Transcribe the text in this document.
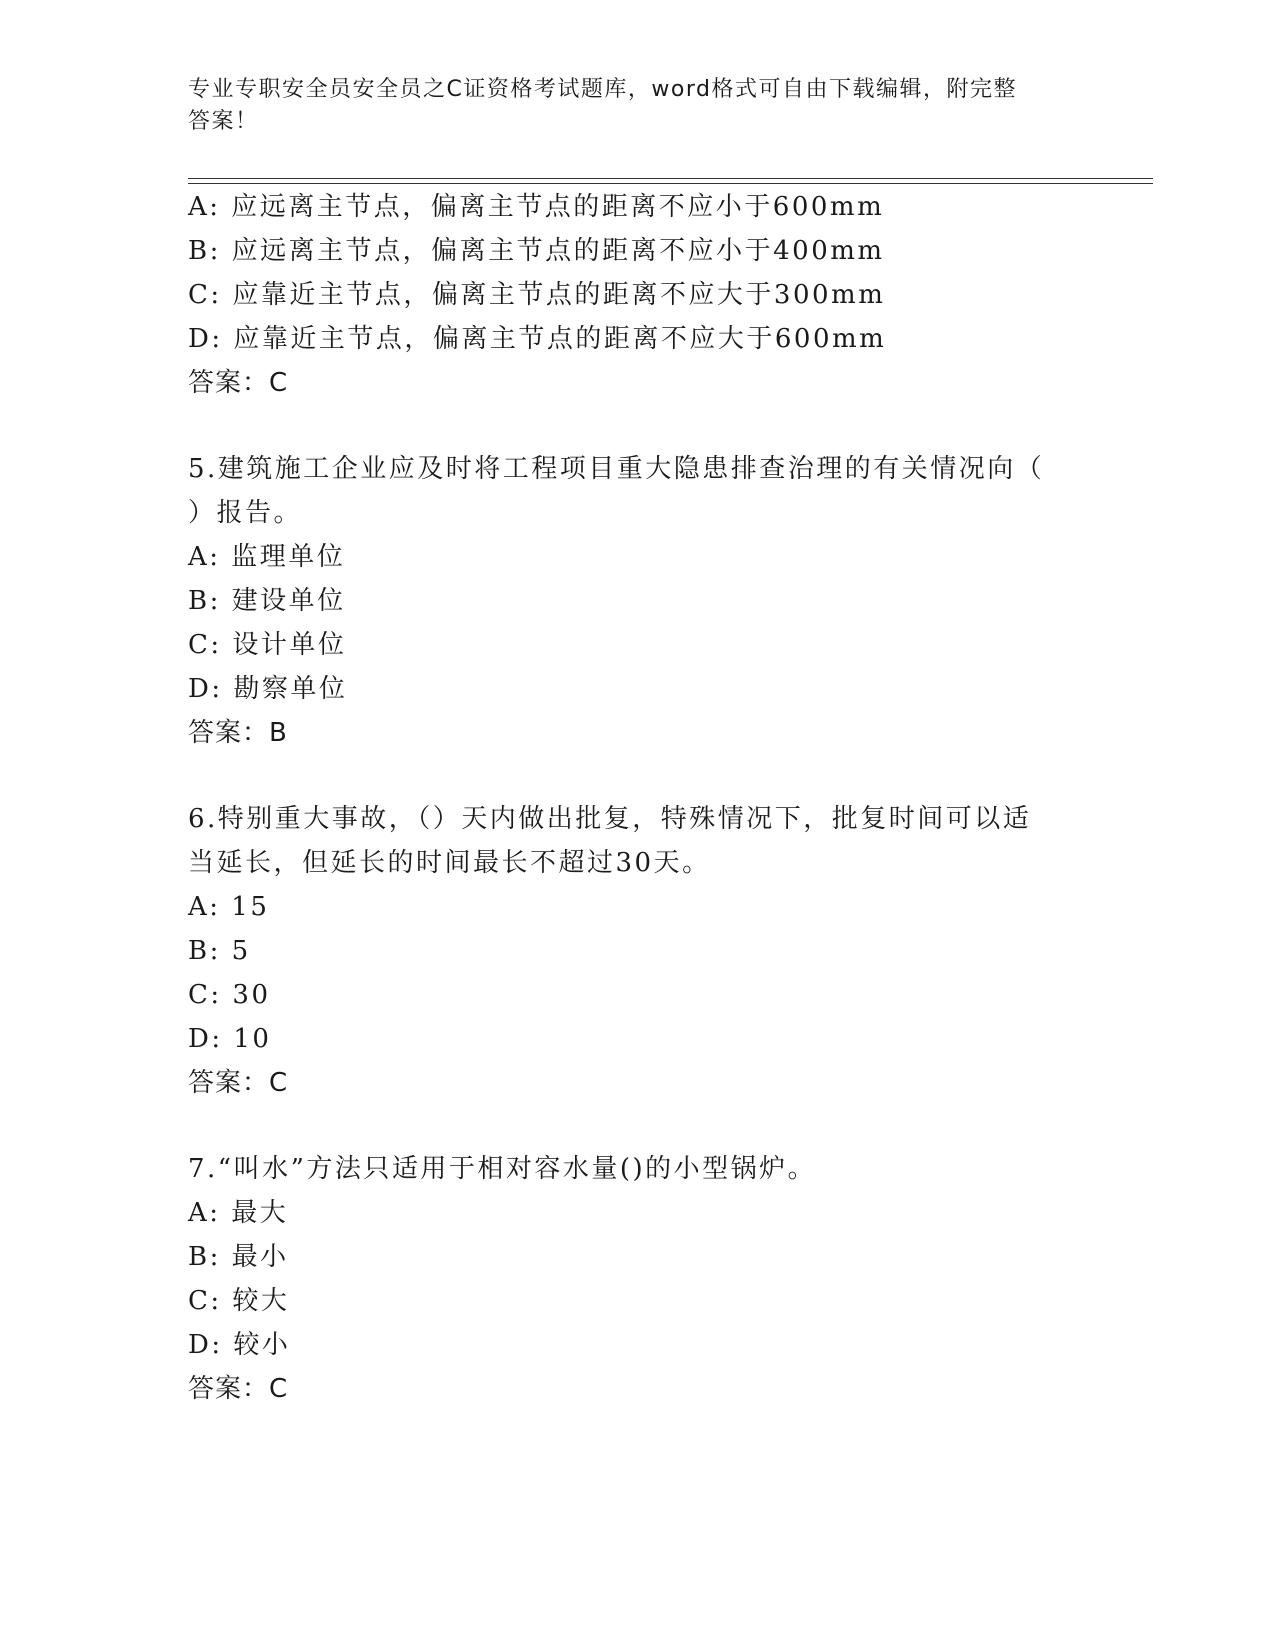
专业专职安全员安全员之C证资格考试题库，word格式可自由下载编辑，附完整
答案！
A: 应远离主节点，偏离主节点的距离不应小于600mm
B: 应远离主节点，偏离主节点的距离不应小于400mm
C: 应靠近主节点，偏离主节点的距离不应大于300mm
D: 应靠近主节点，偏离主节点的距离不应大于600mm
答案：C
5.建筑施工企业应及时将工程项目重大隐患排查治理的有关情况向（
）报告。
A: 监理单位
B: 建设单位
C: 设计单位
D: 勘察单位
答案：B
6.特别重大事故，（）天内做出批复，特殊情况下，批复时间可以适
当延长，但延长的时间最长不超过30天。
A: 15
B: 5
C: 30
D: 10
答案：C
7.“叫水”方法只适用于相对容水量()的小型锅炉。
A: 最大
B: 最小
C: 较大
D: 较小
答案：C
